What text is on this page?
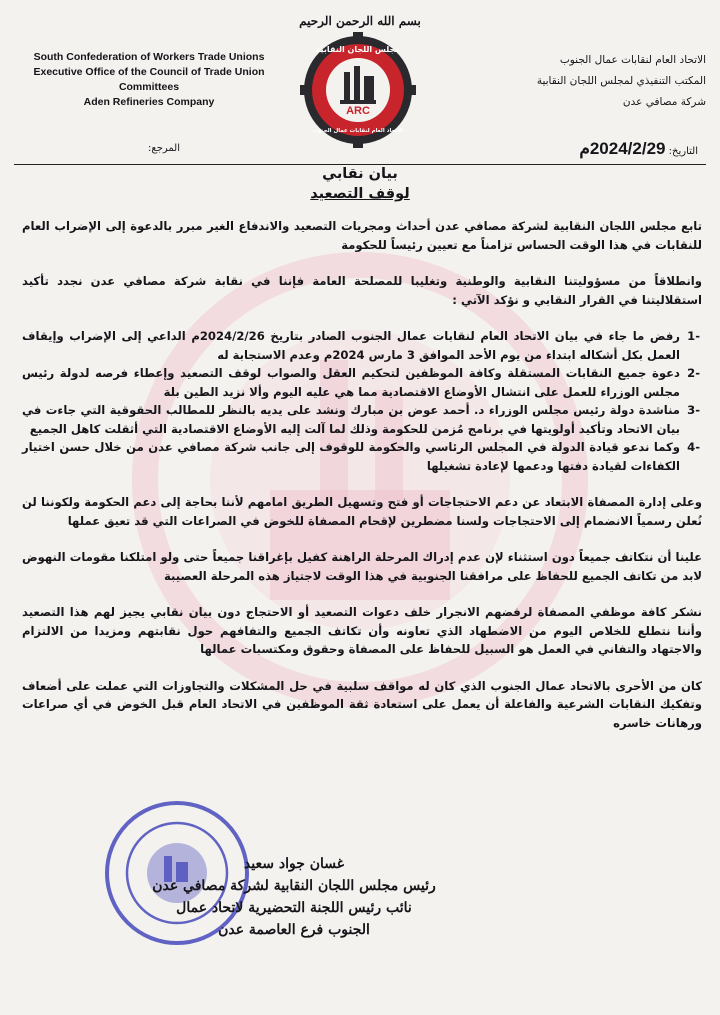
بسم الله الرحمن الرحيم
South Confederation of Workers Trade Unions
Executive Office of the Council of Trade Union
Committees
Aden Refineries Company
الاتحاد العام لنقابات عمال الجنوب
المكتب التنفيذي لمجلس اللجان النقابية
شركة مصافي عدن
ARC
مجلس اللجان النقابية
الاتحاد العام لنقابات عمال الجنوب
التاريخ: 2024/2/29م
المرجع:
بيان نقابي
لوقف التصعيد

تابع مجلس اللجان النقابية لشركة مصافي عدن أحداث ومجريات التصعيد والاندفاع الغير مبرر بالدعوة إلى الإضراب العام للنقابات في هذا الوقت الحساس تزامناً مع تعيين رئيساً للحكومة

وانطلاقاً من مسؤوليتنا النقابية والوطنية وتغليبا للمصلحة العامة فإننا في نقابة شركة مصافي عدن نجدد تأكيد استقلاليتنا في القرار النقابي و نؤكد الآتي :

-1
رفض ما جاء في بيان الاتحاد العام لنقابات عمال الجنوب الصادر بتاريخ 2024/2/26م الداعي إلى الإضراب وإيقاف العمل بكل أشكاله ابتداء من يوم الأحد الموافق 3 مارس 2024م وعدم الاستجابة له
-2
دعوة جميع النقابات المستقلة وكافة الموظفين لتحكيم العقل والصواب لوقف التصعيد وإعطاء فرصه لدولة رئيس مجلس الوزراء للعمل على انتشال الأوضاع الاقتصادية مما هي عليه اليوم وألا نزيد الطين بلة
-3
مناشدة دولة رئيس مجلس الوزراء د. أحمد عوض بن مبارك ونشد على يديه بالنظر للمطالب الحقوقية التي جاءت في بيان الاتحاد وتأكيد أولويتها في برنامج مُزمن للحكومة وذلك لما آلت إليه الأوضاع الاقتصادية التي أثقلت كاهل الجميع
-4
وكما ندعو قيادة الدولة في المجلس الرئاسي والحكومة للوقوف إلى جانب شركة مصافي عدن من خلال حسن اختيار الكفاءات لقيادة دفتها ودعمها لإعادة تشغيلها

وعلى إدارة المصفاة الابتعاد عن دعم الاحتجاجات أو فتح وتسهيل الطريق امامهم لأننا بحاجة إلى دعم الحكومة ولكوننا لن نُعلن رسمياً الانضمام إلى الاحتجاجات ولسنا مضطرين لإقحام المصفاة للخوض في الصراعات التي قد تعيق عملها

علينا أن نتكاتف جميعاً دون استثناء لإن عدم إدراك المرحلة الراهنة كفيل بإغراقنا جميعاً حتى ولو امتلكنا مقومات النهوض لابد من تكاتف الجميع للحفاظ على مرافقنا الجنوبية في هذا الوقت لاجتياز هذه المرحلة العصيبة

نشكر كافة موظفي المصفاة لرفضهم الانجرار خلف دعوات التصعيد أو الاحتجاج دون بيان نقابي يجيز لهم هذا التصعيد وأننا نتطلع للخلاص اليوم من الاضطهاد الذي تعاونه وأن تكاتف الجميع والتفافهم حول نقابتهم ومزيدا من الالتزام والاجتهاد والتفاني في العمل هو السبيل للحفاظ على المصفاة وحقوق ومكتسبات عمالها

كان من الأحرى بالاتحاد عمال الجنوب الذي كان له مواقف سلبية في حل المشكلات والتجاوزات التي عملت على أضعاف وتفكيك النقابات الشرعية والفاعلة أن يعمل على استعادة ثقة الموظفين في الاتحاد العام قبل الخوض في أي صراعات ورهانات خاسره

غسان جواد سعيد
رئيس مجلس اللجان النقابية لشركة مصافي عدن
نائب رئيس اللجنة التحضيرية لاتحاد عمال
الجنوب فرع العاصمة عدن
